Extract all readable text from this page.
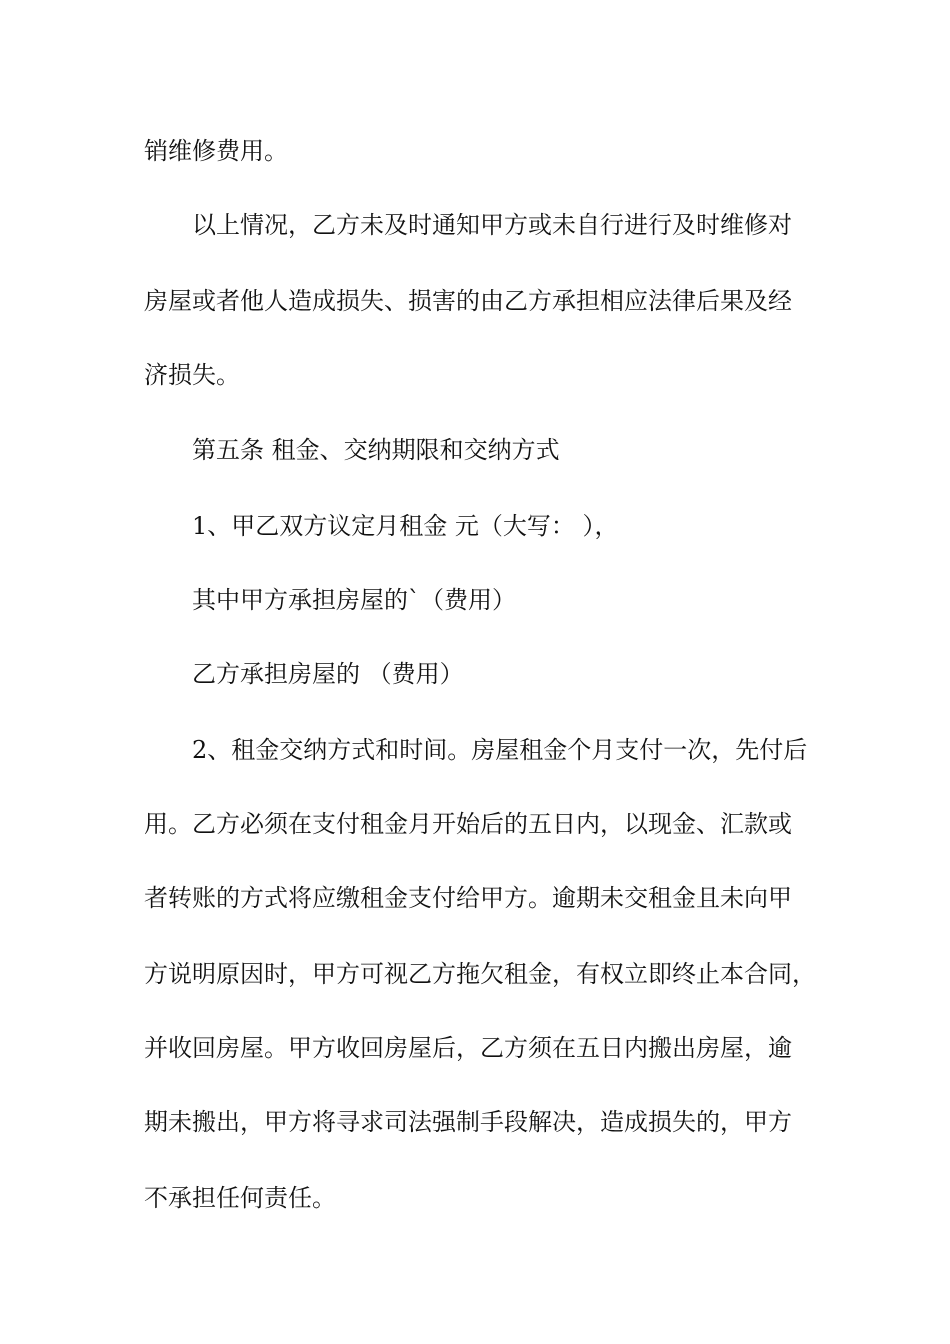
销维修费用。

以上情况，乙方未及时通知甲方或未自行进行及时维修对

房屋或者他人造成损失、损害的由乙方承担相应法律后果及经

济损失。

第五条 租金、交纳期限和交纳方式

1、甲乙双方议定月租金 元（大写： ），

其中甲方承担房屋的`（费用）

乙方承担房屋的 （费用）

2、租金交纳方式和时间。房屋租金个月支付一次，先付后

用。乙方必须在支付租金月开始后的五日内，以现金、汇款或

者转账的方式将应缴租金支付给甲方。逾期未交租金且未向甲

方说明原因时，甲方可视乙方拖欠租金，有权立即终止本合同，

并收回房屋。甲方收回房屋后，乙方须在五日内搬出房屋，逾

期未搬出，甲方将寻求司法强制手段解决，造成损失的，甲方

不承担任何责任。
